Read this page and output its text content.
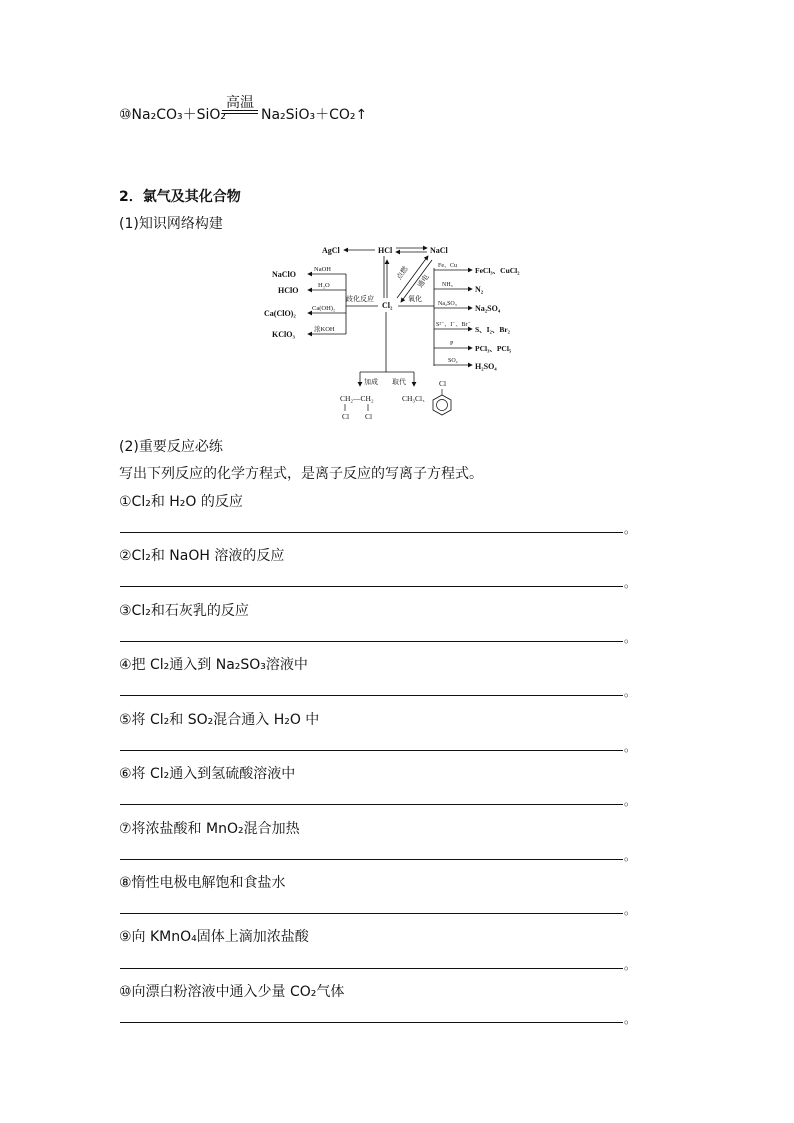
⑩Na₂CO₃＋SiO₂
高温
Na₂SiO₃＋CO₂↑
2．氯气及其化合物
(1)知识网络构建
AgCl	HCl	NaCl
Cl₂
点燃 通电
歧化反应
NaClO
NaOH
HClO
H₂O
Ca(ClO)₂
Ca(OH)₂
KClO₃
浓KOH
氧化
Fe、Cu FeCl₃、CuCl₂
NH₃	N₂
Na₂SO₃ Na₂SO₄
S²⁻、I⁻、Br⁻ S、I₂、Br₂
P	PCl₃、PCl₅
SO₂
H₂SO₄
加成 取代
CH₂—CH₂
Cl Cl
CH₃Cl、
Cl
(2)重要反应必练
写出下列反应的化学方程式，是离子反应的写离子方程式。
①Cl₂和 H₂O 的反应
。
②Cl₂和 NaOH 溶液的反应
。
③Cl₂和石灰乳的反应
。
④把 Cl₂通入到 Na₂SO₃溶液中
。
⑤将 Cl₂和 SO₂混合通入 H₂O 中
。
⑥将 Cl₂通入到氢硫酸溶液中
。
⑦将浓盐酸和 MnO₂混合加热
。
⑧惰性电极电解饱和食盐水
。
⑨向 KMnO₄固体上滴加浓盐酸
。
⑩向漂白粉溶液中通入少量 CO₂气体
。
